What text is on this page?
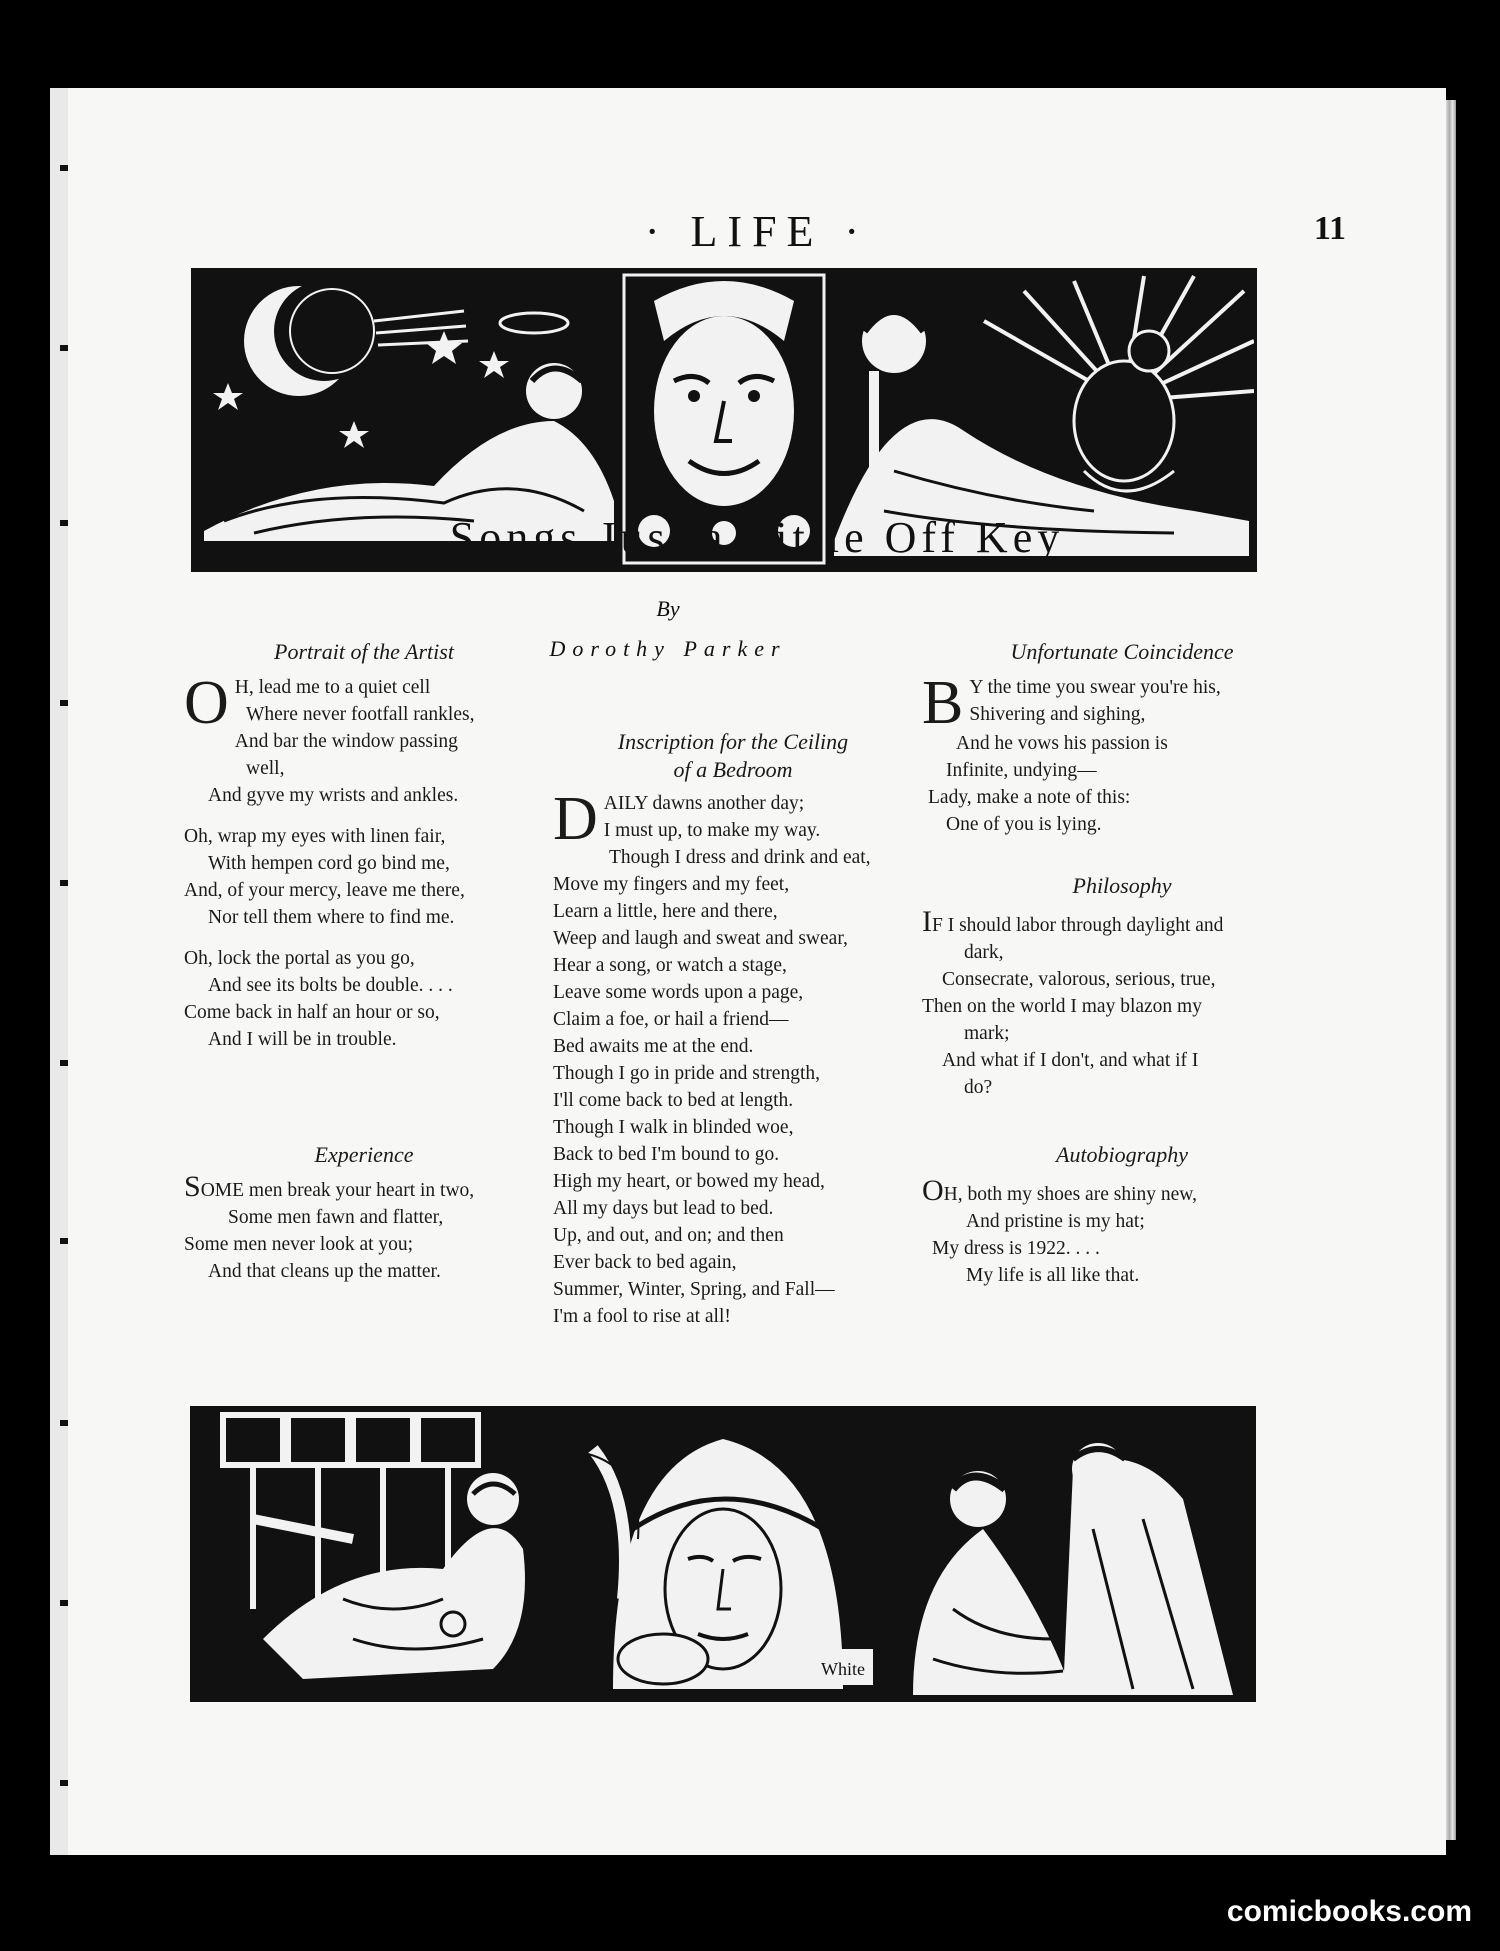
· LIFE ·	11
Songs Just a Little Off Key
By
Dorothy Parker
Portrait of the Artist
O H, lead me to a quiet cell
Where never footfall rankles,
And bar the window passing
well,
And gyve my wrists and ankles.
Oh, wrap my eyes with linen fair,
With hempen cord go bind me,
And, of your mercy, leave me there,
Nor tell them where to find me.
Oh, lock the portal as you go,
And see its bolts be double. . . .
Come back in half an hour or so,
And I will be in trouble.
Experience
SOME men break your heart in two,
Some men fawn and flatter,
Some men never look at you;
And that cleans up the matter.
Inscription for the Ceiling
of a Bedroom
D AILY dawns another day;
I must up, to make my way.
Though I dress and drink and eat,
Move my fingers and my feet,
Learn a little, here and there,
Weep and laugh and sweat and swear,
Hear a song, or watch a stage,
Leave some words upon a page,
Claim a foe, or hail a friend—
Bed awaits me at the end.
Though I go in pride and strength,
I'll come back to bed at length.
Though I walk in blinded woe,
Back to bed I'm bound to go.
High my heart, or bowed my head,
All my days but lead to bed.
Up, and out, and on; and then
Ever back to bed again,
Summer, Winter, Spring, and Fall—
I'm a fool to rise at all!
Unfortunate Coincidence
B Y the time you swear you're his,
Shivering and sighing,
And he vows his passion is
Infinite, undying—
Lady, make a note of this:
One of you is lying.
Philosophy
IF I should labor through daylight and
dark,
Consecrate, valorous, serious, true,
Then on the world I may blazon my
mark;
And what if I don't, and what if I
do?
Autobiography
OH, both my shoes are shiny new,
And pristine is my hat;
My dress is 1922. . . .
My life is all like that.
White
comicbooks.com
